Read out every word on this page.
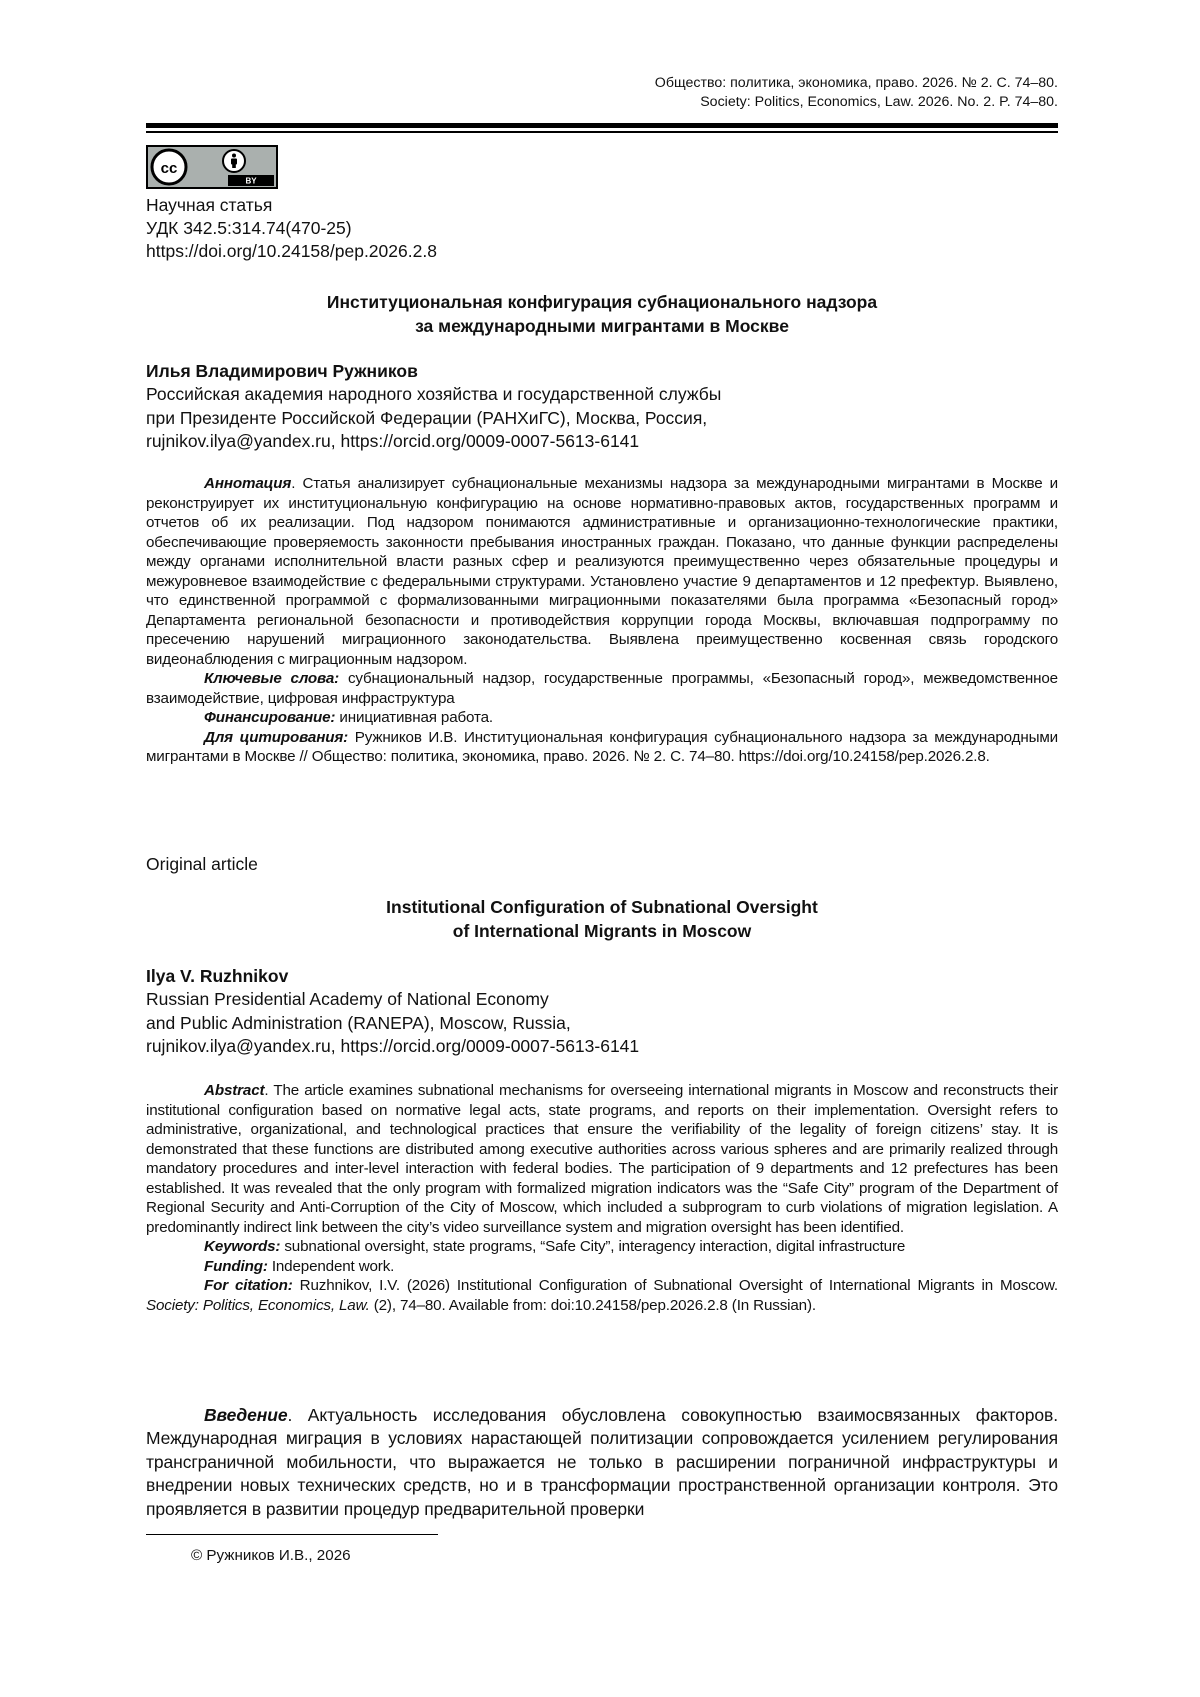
Общество: политика, экономика, право. 2026. № 2. С. 74–80.
Society: Politics, Economics, Law. 2026. No. 2. P. 74–80.
BY
cc
Научная статья
УДК 342.5:314.74(470-25)
https://doi.org/10.24158/pep.2026.2.8
Институциональная конфигурация субнационального надзора
за международными мигрантами в Москве
Илья Владимирович Ружников
Российская академия народного хозяйства и государственной службы
при Президенте Российской Федерации (РАНХиГС), Москва, Россия,
rujnikov.ilya@yandex.ru, https://orcid.org/0009-0007-5613-6141

Аннотация. Статья анализирует субнациональные механизмы надзора за международными мигрантами в Москве и реконструирует их институциональную конфигурацию на основе нормативно-правовых актов, государственных программ и отчетов об их реализации. Под надзором понимаются административные и организационно-технологические практики, обеспечивающие проверяемость законности пребывания иностранных граждан. Показано, что данные функции распределены между органами исполнительной власти разных сфер и реализуются преимущественно через обязательные процедуры и межуровневое взаимодействие с федеральными структурами. Установлено участие 9 департаментов и 12 префектур. Выявлено, что единственной программой с формализованными миграционными показателями была программа «Безопасный город» Департамента региональной безопасности и противодействия коррупции города Москвы, включавшая подпрограмму по пресечению нарушений миграционного законодательства. Выявлена преимущественно косвенная связь городского видеонаблюдения с миграционным надзором.

Ключевые слова: субнациональный надзор, государственные программы, «Безопасный город», межведомственное взаимодействие, цифровая инфраструктура

Финансирование: инициативная работа.

Для цитирования: Ружников И.В. Институциональная конфигурация субнационального надзора за международными мигрантами в Москве // Общество: политика, экономика, право. 2026. № 2. С. 74–80. https://doi.org/10.24158/pep.2026.2.8.

Original article
Institutional Configuration of Subnational Oversight
of International Migrants in Moscow
Ilya V. Ruzhnikov
Russian Presidential Academy of National Economy
and Public Administration (RANEPA), Moscow, Russia,
rujnikov.ilya@yandex.ru, https://orcid.org/0009-0007-5613-6141

Abstract. The article examines subnational mechanisms for overseeing international migrants in Moscow and reconstructs their institutional configuration based on normative legal acts, state programs, and reports on their implementation. Oversight refers to administrative, organizational, and technological practices that ensure the verifiability of the legality of foreign citizens’ stay. It is demonstrated that these functions are distributed among executive authorities across various spheres and are primarily realized through mandatory procedures and inter-level interaction with federal bodies. The participation of 9 departments and 12 prefectures has been established. It was revealed that the only program with formalized migration indicators was the “Safe City” program of the Department of Regional Security and Anti-Corruption of the City of Moscow, which included a subprogram to curb violations of migration legislation. A predominantly indirect link between the city’s video surveillance system and migration oversight has been identified.

Keywords: subnational oversight, state programs, “Safe City”, interagency interaction, digital infrastructure

Funding: Independent work.

For citation: Ruzhnikov, I.V. (2026) Institutional Configuration of Subnational Oversight of International Migrants in Moscow. Society: Politics, Economics, Law. (2), 74–80. Available from: doi:10.24158/pep.2026.2.8 (In Russian).

Введение. Актуальность исследования обусловлена совокупностью взаимосвязанных факторов. Международная миграция в условиях нарастающей политизации сопровождается усилением регулирования трансграничной мобильности, что выражается не только в расширении пограничной инфраструктуры и внедрении новых технических средств, но и в трансформации пространственной организации контроля. Это проявляется в развитии процедур предварительной проверки
© Ружников И.В., 2026
